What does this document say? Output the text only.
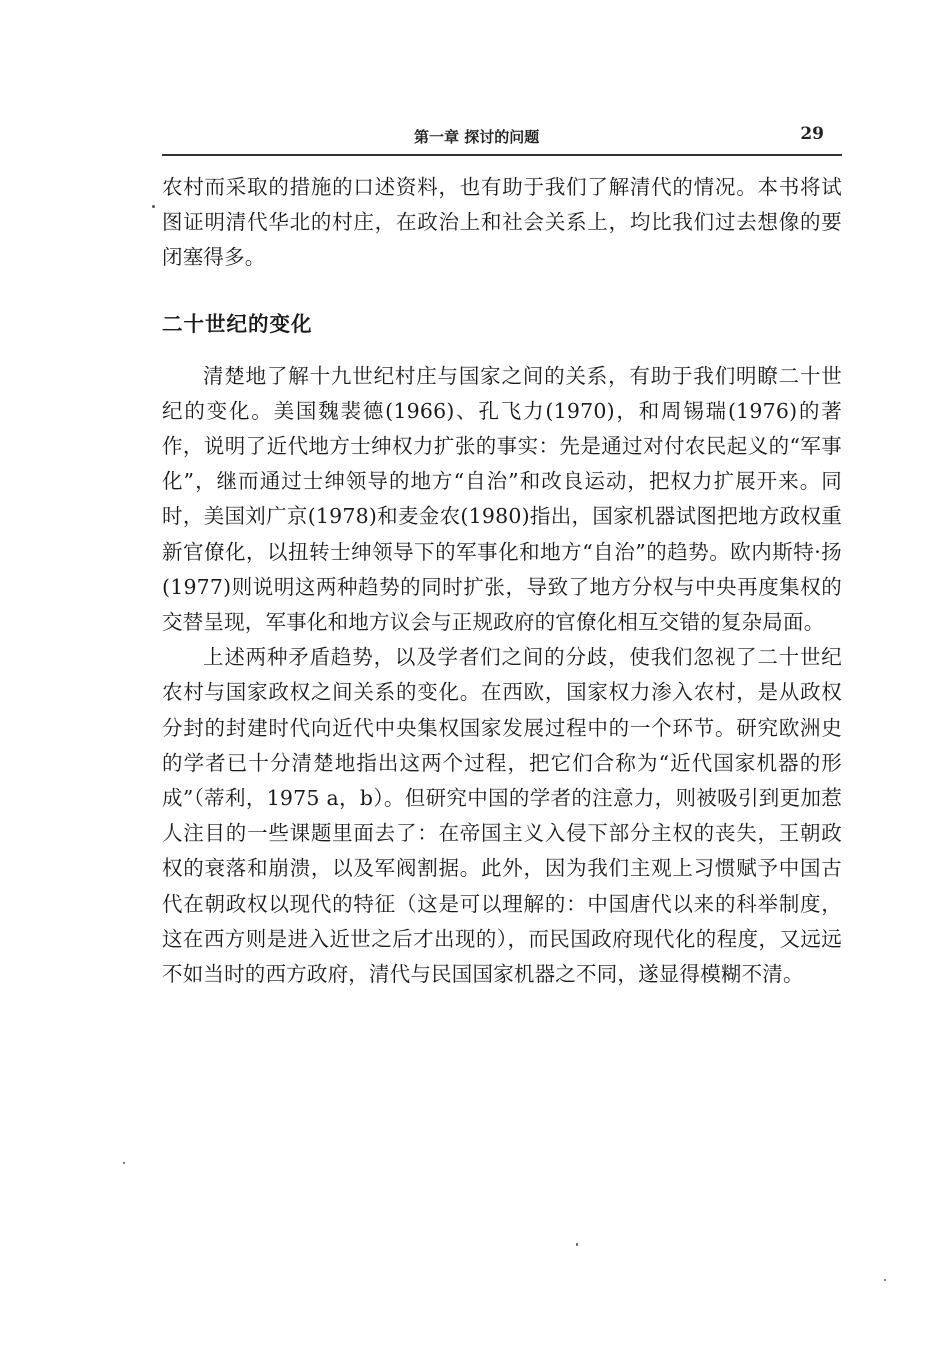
第一章 探讨的问题	29

农村而采取的措施的口述资料，也有助于我们了解清代的情况。本书将试图证明清代华北的村庄，在政治上和社会关系上，均比我们过去想像的要闭塞得多。

二十世纪的变化

清楚地了解十九世纪村庄与国家之间的关系，有助于我们明瞭二十世纪的变化。美国魏裴德(1966)、孔飞力(1970)，和周锡瑞(1976)的著作，说明了近代地方士绅权力扩张的事实：先是通过对付农民起义的“军事化”，继而通过士绅领导的地方“自治”和改良运动，把权力扩展开来。同时，美国刘广京(1978)和麦金农(1980)指出，国家机器试图把地方政权重新官僚化，以扭转士绅领导下的军事化和地方“自治”的趋势。欧内斯特·扬(1977)则说明这两种趋势的同时扩张，导致了地方分权与中央再度集权的交替呈现，军事化和地方议会与正规政府的官僚化相互交错的复杂局面。

上述两种矛盾趋势，以及学者们之间的分歧，使我们忽视了二十世纪农村与国家政权之间关系的变化。在西欧，国家权力渗入农村，是从政权分封的封建时代向近代中央集权国家发展过程中的一个环节。研究欧洲史的学者已十分清楚地指出这两个过程，把它们合称为“近代国家机器的形成”（蒂利，1975 a，b）。但研究中国的学者的注意力，则被吸引到更加惹人注目的一些课题里面去了：在帝国主义入侵下部分主权的丧失，王朝政权的衰落和崩溃，以及军阀割据。此外，因为我们主观上习惯赋予中国古代在朝政权以现代的特征（这是可以理解的：中国唐代以来的科举制度，这在西方则是进入近世之后才出现的），而民国政府现代化的程度，又远远不如当时的西方政府，清代与民国国家机器之不同，遂显得模糊不清。
